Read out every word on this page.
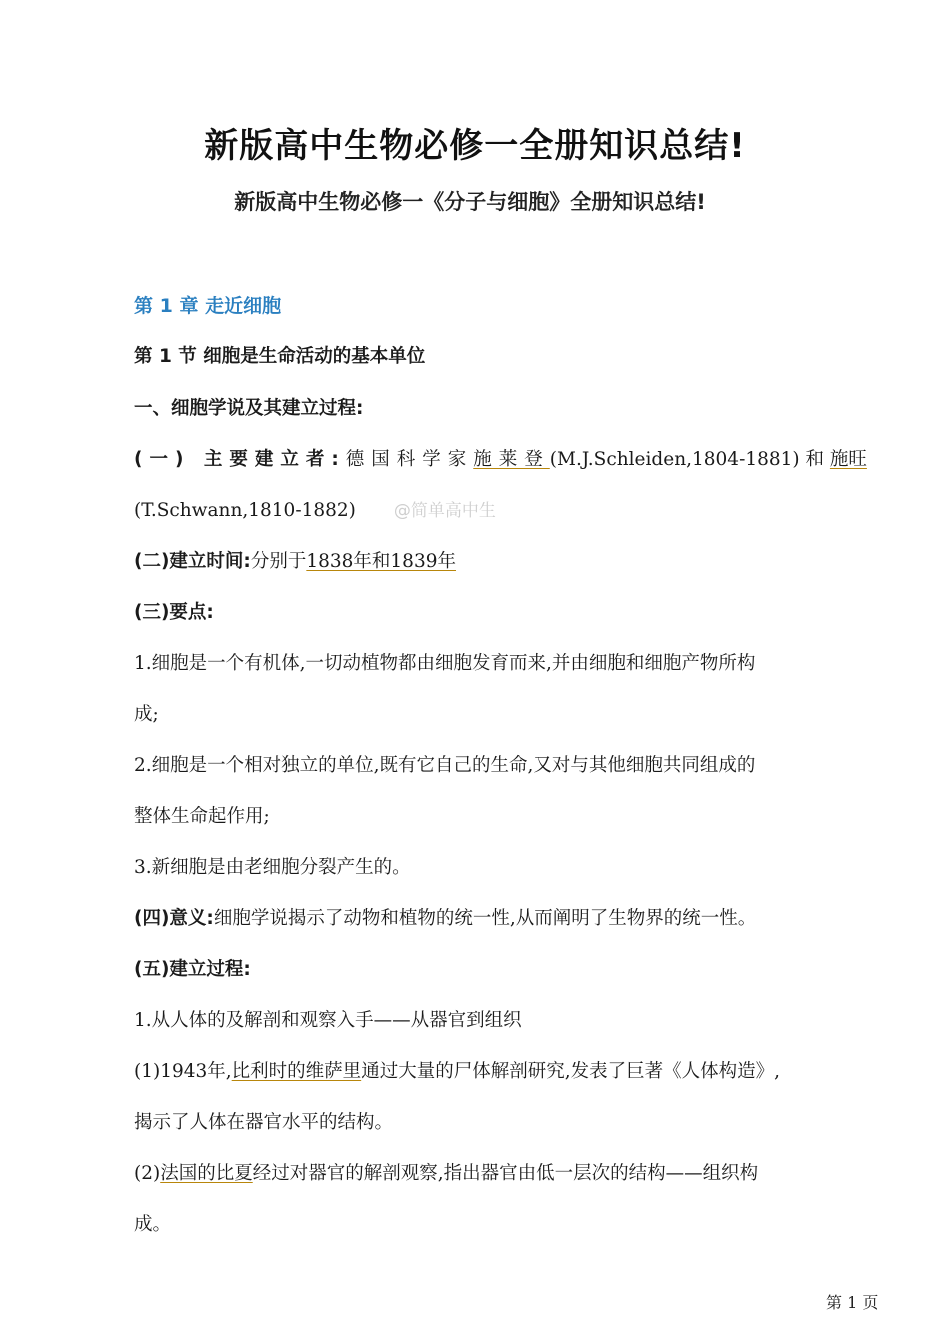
新版高中生物必修一全册知识总结!
新版高中生物必修一《分子与细胞》全册知识总结!
第 1 章 走近细胞
第 1 节 细胞是生命活动的基本单位
一、细胞学说及其建立过程:
(一) 主要建立者:德国科学家施莱登(M.J.Schleiden,1804-1881) 和 施旺
(T.Schwann,1810-1882) @简单高中生
(二)建立时间:分别于1838年和1839年
(三)要点:
1.细胞是一个有机体,一切动植物都由细胞发育而来,并由细胞和细胞产物所构
成;
2.细胞是一个相对独立的单位,既有它自己的生命,又对与其他细胞共同组成的
整体生命起作用;
3.新细胞是由老细胞分裂产生的。
(四)意义:细胞学说揭示了动物和植物的统一性,从而阐明了生物界的统一性。
(五)建立过程:
1.从人体的及解剖和观察入手——从器官到组织
(1)1943年,比利时的维萨里通过大量的尸体解剖研究,发表了巨著《人体构造》,
揭示了人体在器官水平的结构。
(2)法国的比夏经过对器官的解剖观察,指出器官由低一层次的结构——组织构
成。
第 1 页
